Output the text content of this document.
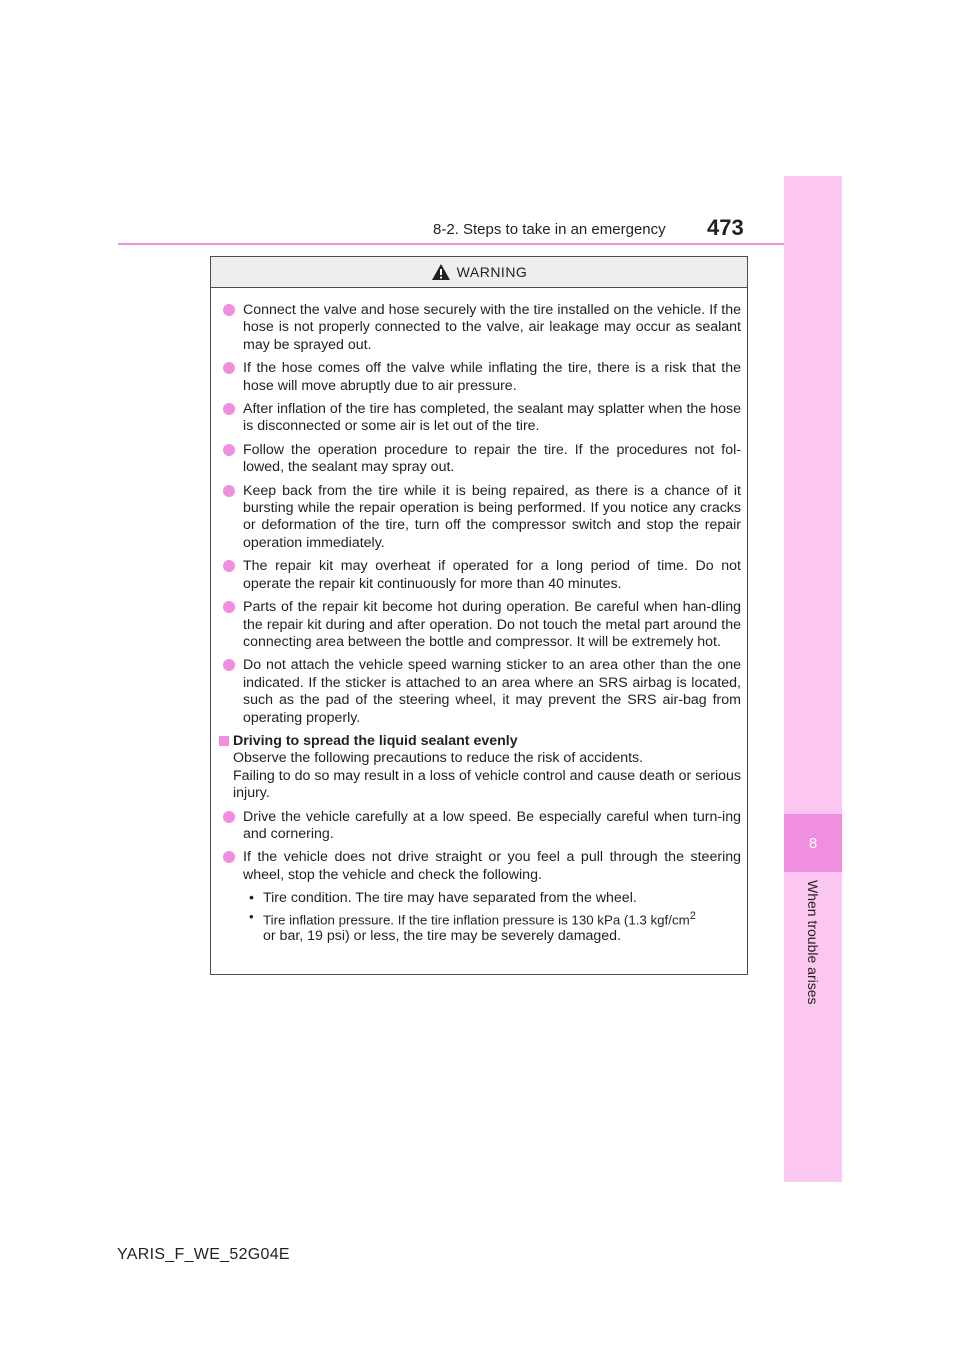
8
When trouble arises
8-2. Steps to take in an emergency 473
WARNING
Connect the valve and hose securely with the tire installed on the vehicle. If the hose is not properly connected to the valve, air leakage may occur as sealant may be sprayed out.
If the hose comes off the valve while inflating the tire, there is a risk that the hose will move abruptly due to air pressure.
After inflation of the tire has completed, the sealant may splatter when the hose is disconnected or some air is let out of the tire.
Follow the operation procedure to repair the tire. If the procedures not fol-lowed, the sealant may spray out.
Keep back from the tire while it is being repaired, as there is a chance of it bursting while the repair operation is being performed. If you notice any cracks or deformation of the tire, turn off the compressor switch and stop the repair operation immediately.
The repair kit may overheat if operated for a long period of time. Do not operate the repair kit continuously for more than 40 minutes.
Parts of the repair kit become hot during operation. Be careful when han-dling the repair kit during and after operation. Do not touch the metal part around the connecting area between the bottle and compressor. It will be extremely hot.
Do not attach the vehicle speed warning sticker to an area other than the one indicated. If the sticker is attached to an area where an SRS airbag is located, such as the pad of the steering wheel, it may prevent the SRS air-bag from operating properly.
Driving to spread the liquid sealant evenly
Observe the following precautions to reduce the risk of accidents.
Failing to do so may result in a loss of vehicle control and cause death or serious injury.
Drive the vehicle carefully at a low speed. Be especially careful when turn-ing and cornering.
If the vehicle does not drive straight or you feel a pull through the steering wheel, stop the vehicle and check the following.
• Tire condition. The tire may have separated from the wheel.
• Tire inflation pressure. If the tire inflation pressure is 130 kPa (1.3 kgf/$cm^2$
or bar, 19 psi) or less, the tire may be severely damaged.
YARIS_F_WE_52G04E
